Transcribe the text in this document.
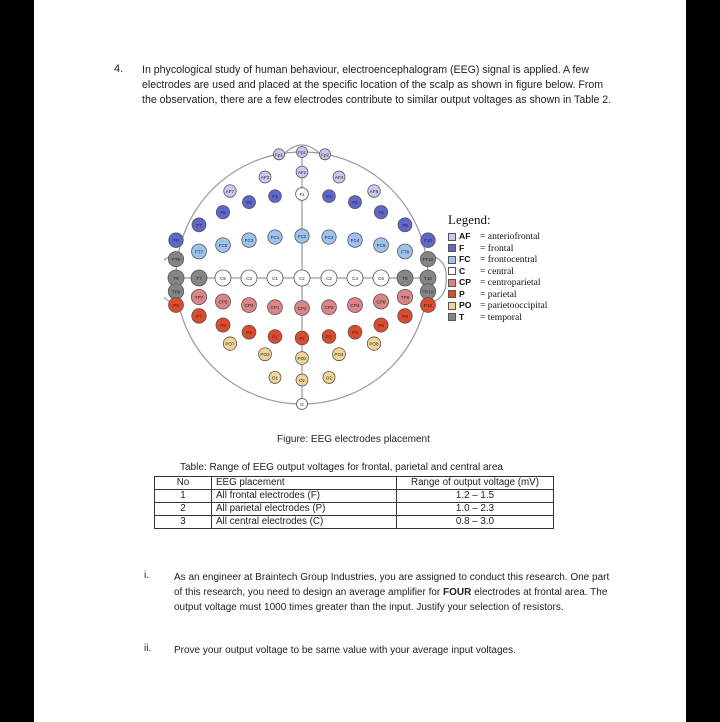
4. In phycological study of human behaviour, electroencephalogram (EEG) signal is applied. A few electrodes are used and placed at the specific location of the scalp as shown in figure below. From the observation, there are a few electrodes contribute to similar output voltages as shown in Table 2.
Fp1	Fpz	Fp2
AF7
AF3
AFz
AF4
AF8
F9
F7
F5
F3
F1	Fz	F2
F4
F6
F8
F10
FT9
FT7
FC5
FC3
FC1	FCz	FC2
FC4
FC6
FT8
FT10
T9	T7	C5	C3	C1	Cz	C2	C4	C6	T8	T10
TP9
TP7
CP5
CP3	CP1	CPz	CP2	CP4
CP6
TP8
TP10
P9
P7
P5
P3
P1	Pz	P2
P4
P6
P8
P10
PO7
PO3
POz
PO4
PO8
O1
Oz
O2
Iz
Legend:
AF = anteriofrontal
F	= frontal
FC = frontocentral
C	= central
CP = centroparietal
P	= parietal
PO = parietooccipital
T	= temporal
Figure: EEG electrodes placement
Table: Range of EEG output voltages for frontal, parietal and central area
No	EEG placement	Range of output voltage (mV)
1	All frontal electrodes (F)	1.2 – 1.5
2	All parietal electrodes (P)	1.0 – 2.3
3	All central electrodes (C)	0.8 – 3.0
i.	As an engineer at Braintech Group Industries, you are assigned to conduct this research. One part of this research, you need to design an average amplifier for FOUR electrodes at frontal area. The output voltage must 1000 times greater than the input. Justify your selection of resistors.
ii. Prove your output voltage to be same value with your average input voltages.
